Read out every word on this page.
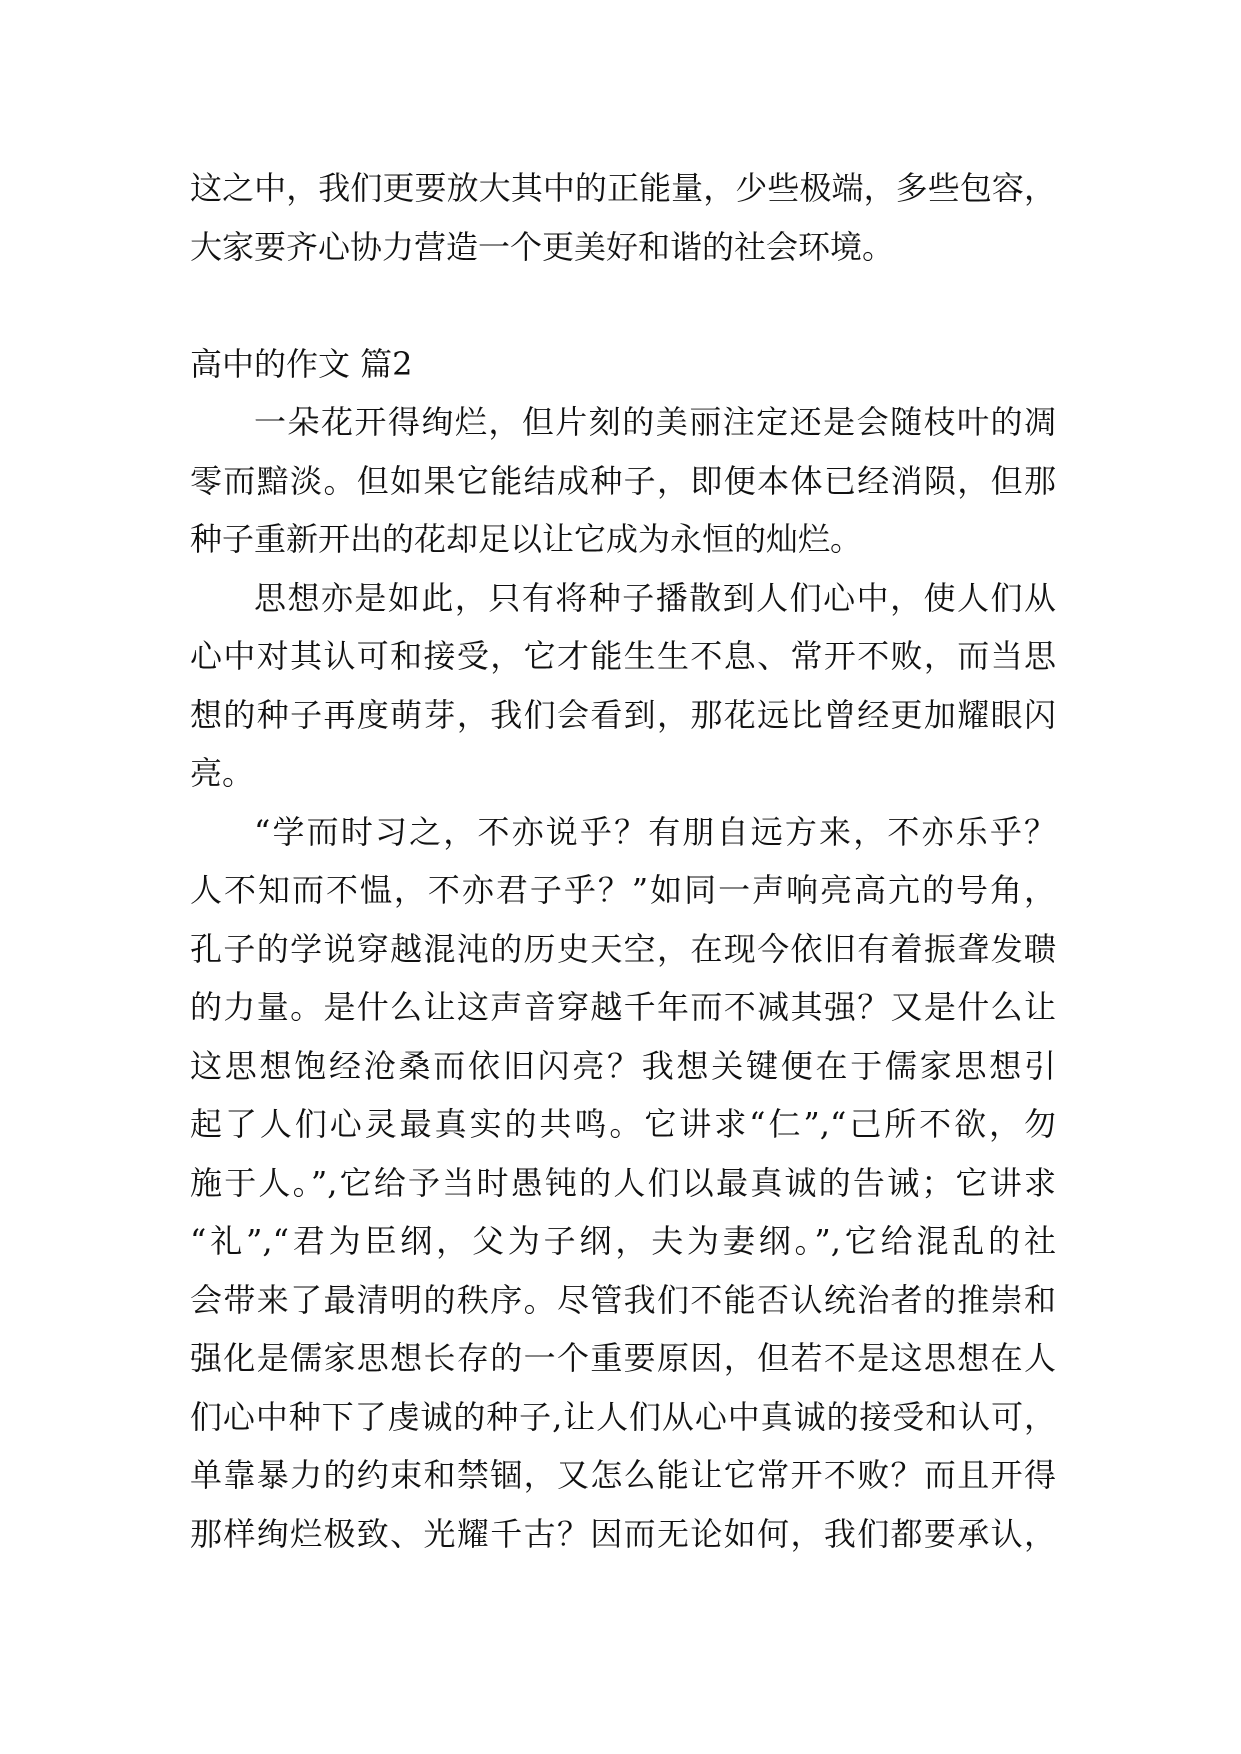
这之中，我们更要放大其中的正能量，少些极端，多些包容，
大家要齐心协力营造一个更美好和谐的社会环境。
高中的作文 篇2
一朵花开得绚烂，但片刻的美丽注定还是会随枝叶的凋
零而黯淡。但如果它能结成种子，即便本体已经消陨，但那
种子重新开出的花却足以让它成为永恒的灿烂。
思想亦是如此，只有将种子播散到人们心中，使人们从
心中对其认可和接受，它才能生生不息、常开不败，而当思
想的种子再度萌芽，我们会看到，那花远比曾经更加耀眼闪
亮。
“学而时习之，不亦说乎？有朋自远方来，不亦乐乎？
人不知而不愠，不亦君子乎？”如同一声响亮高亢的号角，
孔子的学说穿越混沌的历史天空，在现今依旧有着振聋发聩
的力量。是什么让这声音穿越千年而不减其强？又是什么让
这思想饱经沧桑而依旧闪亮？我想关键便在于儒家思想引
起了人们心灵最真实的共鸣。它讲求“仁”,“己所不欲，勿
施于人。”,它给予当时愚钝的人们以最真诚的告诫；它讲求
“礼”,“君为臣纲，父为子纲，夫为妻纲。”,它给混乱的社
会带来了最清明的秩序。尽管我们不能否认统治者的推崇和
强化是儒家思想长存的一个重要原因，但若不是这思想在人
们心中种下了虔诚的种子,让人们从心中真诚的接受和认可，
单靠暴力的约束和禁锢，又怎么能让它常开不败？而且开得
那样绚烂极致、光耀千古？因而无论如何，我们都要承认，
